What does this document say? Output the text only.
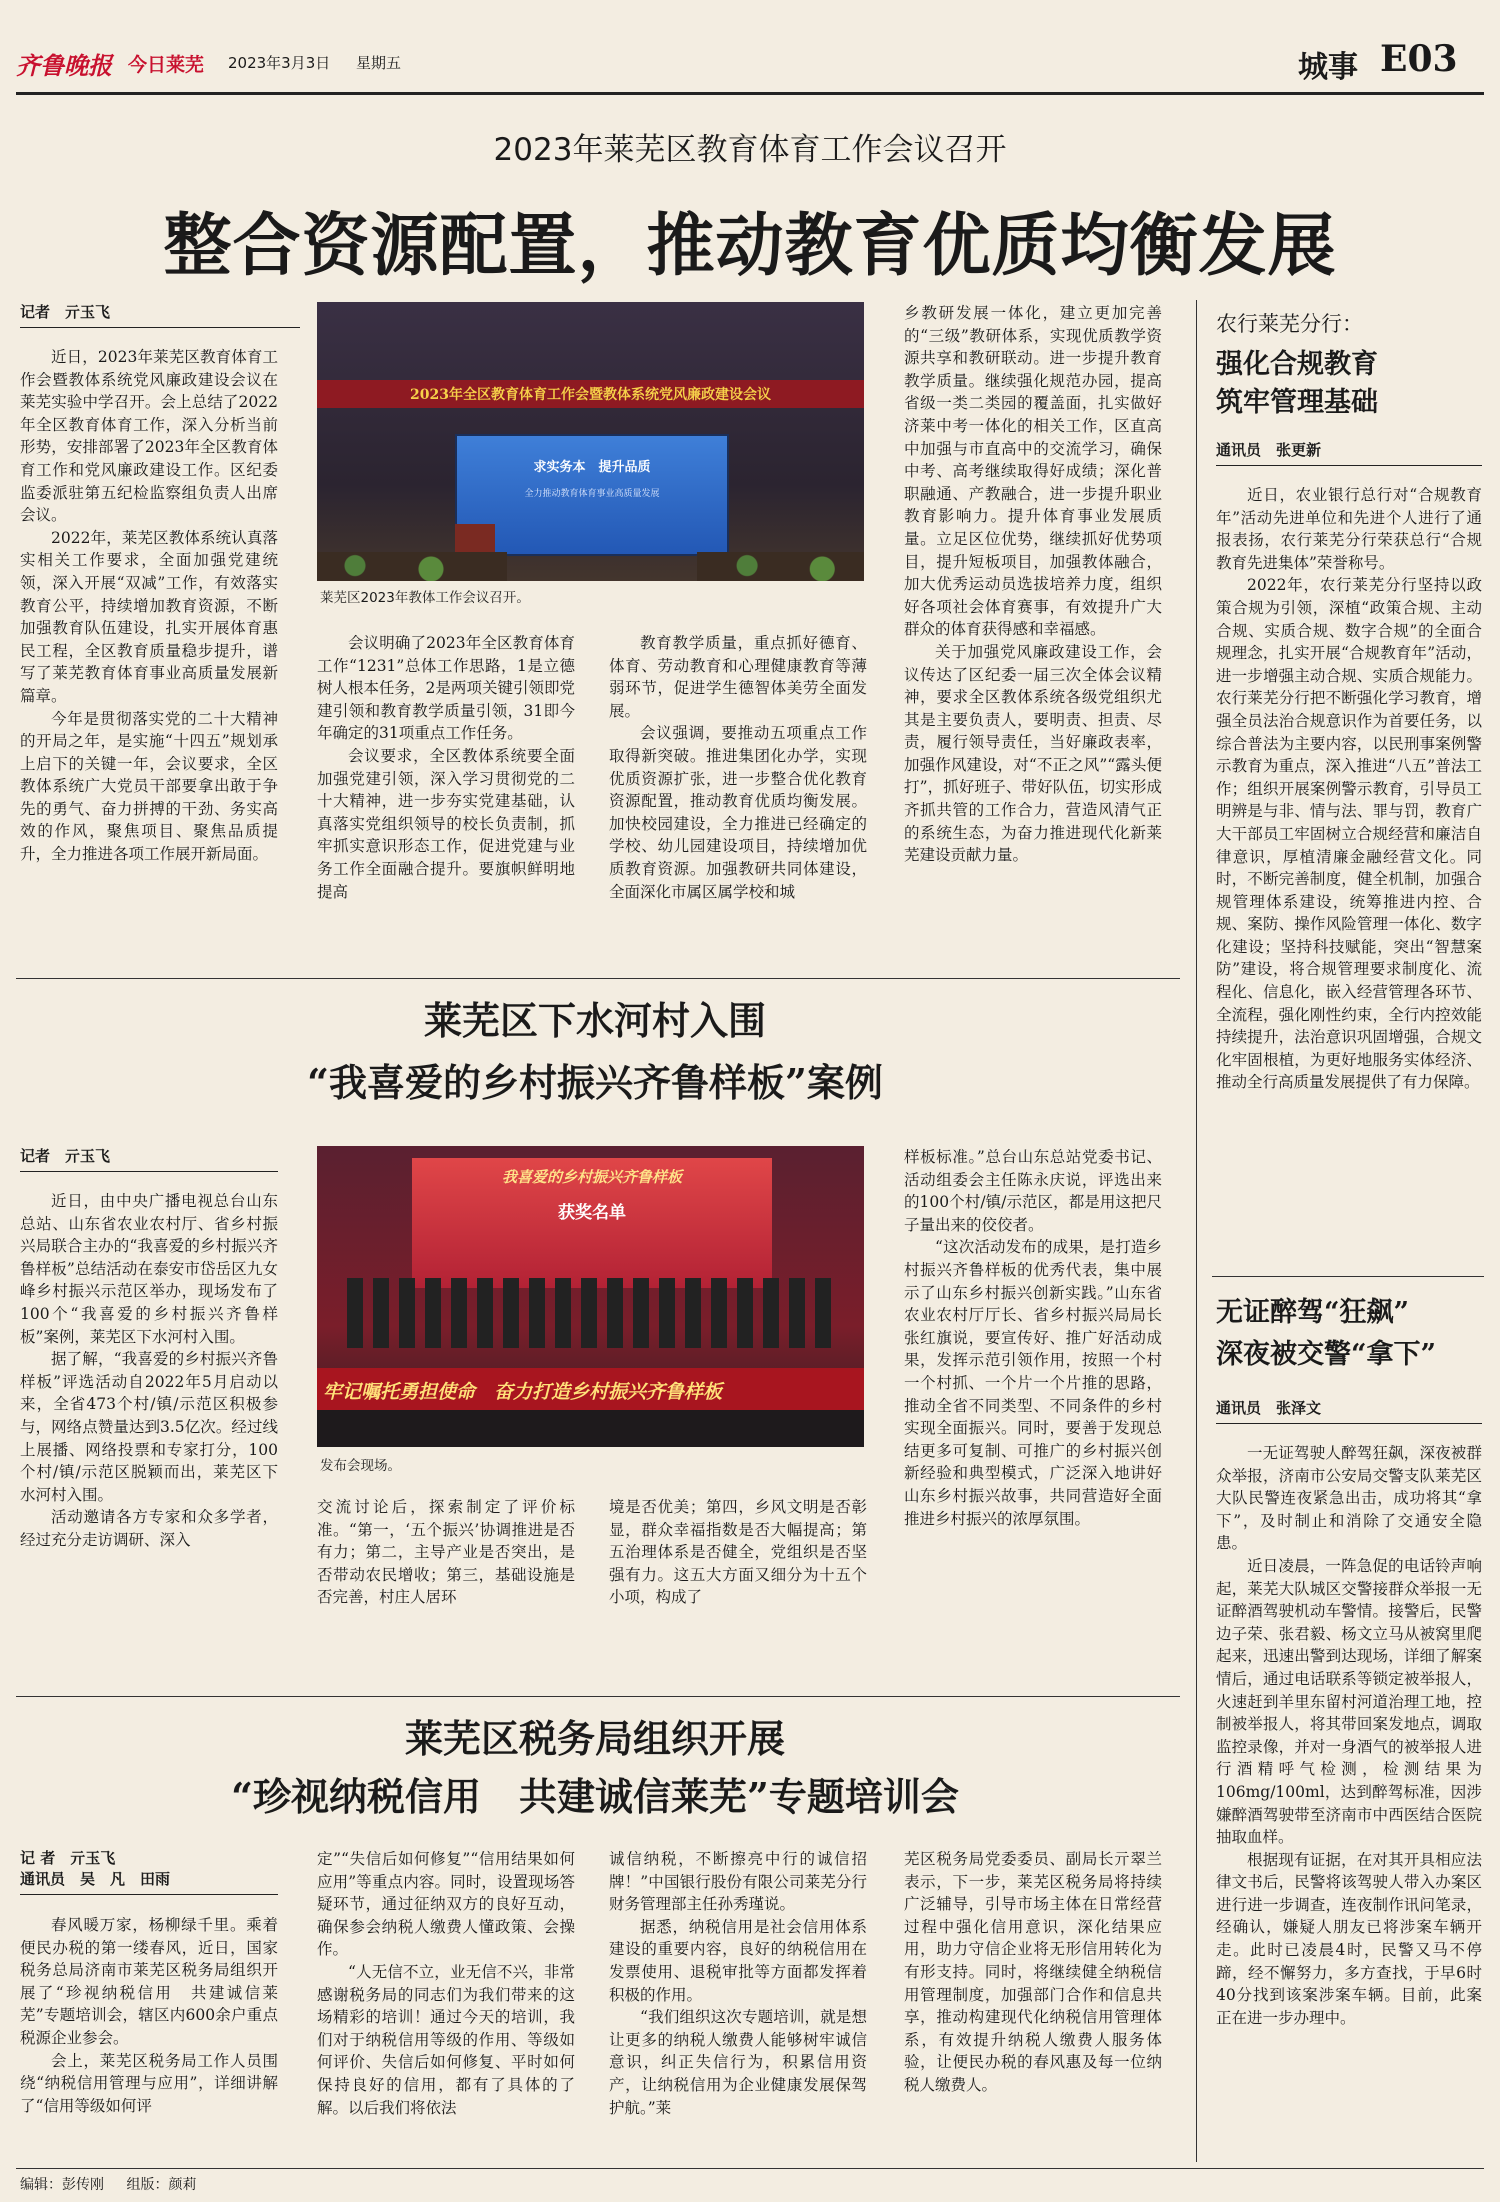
齐鲁晚报 今日莱芜 2023年3月3日 星期五	城事 E03
2023年莱芜区教育体育工作会议召开
整合资源配置，推动教育优质均衡发展
记者　亓玉飞

近日，2023年莱芜区教育体育工作会暨教体系统党风廉政建设会议在莱芜实验中学召开。会上总结了2022年全区教育体育工作，深入分析当前形势，安排部署了2023年全区教育体育工作和党风廉政建设工作。区纪委监委派驻第五纪检监察组负责人出席会议。

2022年，莱芜区教体系统认真落实相关工作要求，全面加强党建统领，深入开展“双减”工作，有效落实教育公平，持续增加教育资源，不断加强教育队伍建设，扎实开展体育惠民工程，全区教育质量稳步提升，谱写了莱芜教育体育事业高质量发展新篇章。

今年是贯彻落实党的二十大精神的开局之年，是实施“十四五”规划承上启下的关键一年，会议要求，全区教体系统广大党员干部要拿出敢于争先的勇气、奋力拼搏的干劲、务实高效的作风，聚焦项目、聚焦品质提升，全力推进各项工作展开新局面。

2023年全区教育体育工作会暨教体系统党风廉政建设会议
求实务本　提升品质
全力推动教育体育事业高质量发展
莱芜区2023年教体工作会议召开。

会议明确了2023年全区教育体育工作“1231”总体工作思路，1是立德树人根本任务，2是两项关键引领即党建引领和教育教学质量引领，31即今年确定的31项重点工作任务。

会议要求，全区教体系统要全面加强党建引领，深入学习贯彻党的二十大精神，进一步夯实党建基础，认真落实党组织领导的校长负责制，抓牢抓实意识形态工作，促进党建与业务工作全面融合提升。要旗帜鲜明地提高

教育教学质量，重点抓好德育、体育、劳动教育和心理健康教育等薄弱环节，促进学生德智体美劳全面发展。

会议强调，要推动五项重点工作取得新突破。推进集团化办学，实现优质资源扩张，进一步整合优化教育资源配置，推动教育优质均衡发展。加快校园建设，全力推进已经确定的学校、幼儿园建设项目，持续增加优质教育资源。加强教研共同体建设，全面深化市属区属学校和城

乡教研发展一体化，建立更加完善的“三级”教研体系，实现优质教学资源共享和教研联动。进一步提升教育教学质量。继续强化规范办园，提高省级一类二类园的覆盖面，扎实做好济莱中考一体化的相关工作，区直高中加强与市直高中的交流学习，确保中考、高考继续取得好成绩；深化普职融通、产教融合，进一步提升职业教育影响力。提升体育事业发展质量。立足区位优势，继续抓好优势项目，提升短板项目，加强教体融合，加大优秀运动员选拔培养力度，组织好各项社会体育赛事，有效提升广大群众的体育获得感和幸福感。

关于加强党风廉政建设工作，会议传达了区纪委一届三次全体会议精神，要求全区教体系统各级党组织尤其是主要负责人，要明责、担责、尽责，履行领导责任，当好廉政表率，加强作风建设，对“不正之风”“露头便打”，抓好班子、带好队伍，切实形成齐抓共管的工作合力，营造风清气正的系统生态，为奋力推进现代化新莱芜建设贡献力量。

莱芜区下水河村入围
“我喜爱的乡村振兴齐鲁样板”案例
记者　亓玉飞

近日，由中央广播电视总台山东总站、山东省农业农村厅、省乡村振兴局联合主办的“我喜爱的乡村振兴齐鲁样板”总结活动在泰安市岱岳区九女峰乡村振兴示范区举办，现场发布了100个“我喜爱的乡村振兴齐鲁样板”案例，莱芜区下水河村入围。

据了解，“我喜爱的乡村振兴齐鲁样板”评选活动自2022年5月启动以来，全省473个村/镇/示范区积极参与，网络点赞量达到3.5亿次。经过线上展播、网络投票和专家打分，100个村/镇/示范区脱颖而出，莱芜区下水河村入围。

活动邀请各方专家和众多学者，经过充分走访调研、深入

我喜爱的乡村振兴齐鲁样板
获奖名单
牢记嘱托勇担使命　奋力打造乡村振兴齐鲁样板
发布会现场。

交流讨论后，探索制定了评价标准。“第一，‘五个振兴’协调推进是否有力；第二，主导产业是否突出，是否带动农民增收；第三，基础设施是否完善，村庄人居环

境是否优美；第四，乡风文明是否彰显，群众幸福指数是否大幅提高；第五治理体系是否健全，党组织是否坚强有力。这五大方面又细分为十五个小项，构成了

样板标准。”总台山东总站党委书记、活动组委会主任陈永庆说，评选出来的100个村/镇/示范区，都是用这把尺子量出来的佼佼者。

“这次活动发布的成果，是打造乡村振兴齐鲁样板的优秀代表，集中展示了山东乡村振兴创新实践。”山东省农业农村厅厅长、省乡村振兴局局长张红旗说，要宣传好、推广好活动成果，发挥示范引领作用，按照一个村一个村抓、一个片一个片推的思路，推动全省不同类型、不同条件的乡村实现全面振兴。同时，要善于发现总结更多可复制、可推广的乡村振兴创新经验和典型模式，广泛深入地讲好山东乡村振兴故事，共同营造好全面推进乡村振兴的浓厚氛围。

莱芜区税务局组织开展
“珍视纳税信用　共建诚信莱芜”专题培训会
记 者　亓玉飞
通讯员　吴　凡　田雨

春风暖万家，杨柳绿千里。乘着便民办税的第一缕春风，近日，国家税务总局济南市莱芜区税务局组织开展了“珍视纳税信用　共建诚信莱芜”专题培训会，辖区内600余户重点税源企业参会。

会上，莱芜区税务局工作人员围绕“纳税信用管理与应用”，详细讲解了“信用等级如何评

定”“失信后如何修复”“信用结果如何应用”等重点内容。同时，设置现场答疑环节，通过征纳双方的良好互动，确保参会纳税人缴费人懂政策、会操作。

“人无信不立，业无信不兴，非常感谢税务局的同志们为我们带来的这场精彩的培训！通过今天的培训，我们对于纳税信用等级的作用、等级如何评价、失信后如何修复、平时如何保持良好的信用，都有了具体的了解。以后我们将依法

诚信纳税，不断擦亮中行的诚信招牌！”中国银行股份有限公司莱芜分行财务管理部主任孙秀瑾说。

据悉，纳税信用是社会信用体系建设的重要内容，良好的纳税信用在发票使用、退税审批等方面都发挥着积极的作用。

“我们组织这次专题培训，就是想让更多的纳税人缴费人能够树牢诚信意识，纠正失信行为，积累信用资产，让纳税信用为企业健康发展保驾护航。”莱

芜区税务局党委委员、副局长亓翠兰表示，下一步，莱芜区税务局将持续广泛辅导，引导市场主体在日常经营过程中强化信用意识，深化结果应用，助力守信企业将无形信用转化为有形支持。同时，将继续健全纳税信用管理制度，加强部门合作和信息共享，推动构建现代化纳税信用管理体系，有效提升纳税人缴费人服务体验，让便民办税的春风惠及每一位纳税人缴费人。

农行莱芜分行：
强化合规教育
筑牢管理基础
通讯员　张更新

近日，农业银行总行对“合规教育年”活动先进单位和先进个人进行了通报表扬，农行莱芜分行荣获总行“合规教育先进集体”荣誉称号。

2022年，农行莱芜分行坚持以政策合规为引领，深植“政策合规、主动合规、实质合规、数字合规”的全面合规理念，扎实开展“合规教育年”活动，进一步增强主动合规、实质合规能力。农行莱芜分行把不断强化学习教育，增强全员法治合规意识作为首要任务，以综合普法为主要内容，以民刑事案例警示教育为重点，深入推进“八五”普法工作；组织开展案例警示教育，引导员工明辨是与非、情与法、罪与罚，教育广大干部员工牢固树立合规经营和廉洁自律意识，厚植清廉金融经营文化。同时，不断完善制度，健全机制，加强合规管理体系建设，统筹推进内控、合规、案防、操作风险管理一体化、数字化建设；坚持科技赋能，突出“智慧案防”建设，将合规管理要求制度化、流程化、信息化，嵌入经营管理各环节、全流程，强化刚性约束，全行内控效能持续提升，法治意识巩固增强，合规文化牢固根植，为更好地服务实体经济、推动全行高质量发展提供了有力保障。

无证醉驾“狂飙”
深夜被交警“拿下”
通讯员　张泽文

一无证驾驶人醉驾狂飙，深夜被群众举报，济南市公安局交警支队莱芜区大队民警连夜紧急出击，成功将其“拿下”，及时制止和消除了交通安全隐患。

近日凌晨，一阵急促的电话铃声响起，莱芜大队城区交警接群众举报一无证醉酒驾驶机动车警情。接警后，民警边子荣、张君毅、杨文立马从被窝里爬起来，迅速出警到达现场，详细了解案情后，通过电话联系等锁定被举报人，火速赶到羊里东留村河道治理工地，控制被举报人，将其带回案发地点，调取监控录像，并对一身酒气的被举报人进行酒精呼气检测，检测结果为106mg/100ml，达到醉驾标准，因涉嫌醉酒驾驶带至济南市中西医结合医院抽取血样。

根据现有证据，在对其开具相应法律文书后，民警将该驾驶人带入办案区进行进一步调查，连夜制作讯问笔录，经确认，嫌疑人朋友已将涉案车辆开走。此时已凌晨4时，民警又马不停蹄，经不懈努力，多方查找，于早6时40分找到该案涉案车辆。目前，此案正在进一步办理中。

编辑：彭传刚 组版：颜莉
